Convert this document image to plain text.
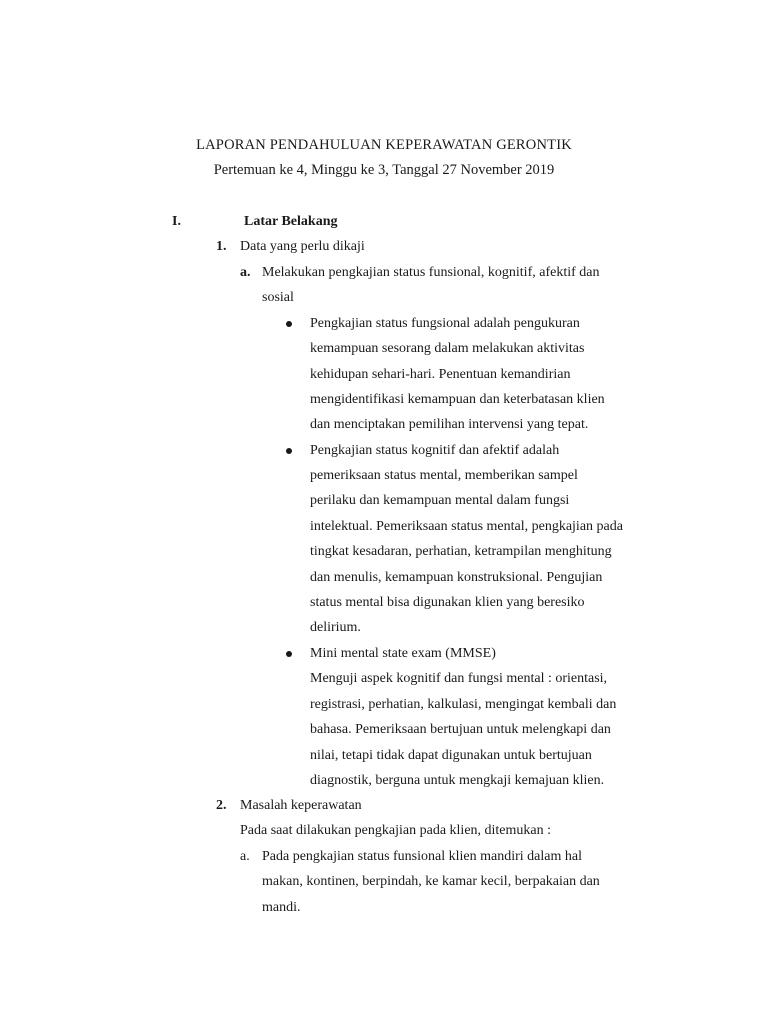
LAPORAN PENDAHULUAN KEPERAWATAN GERONTIK
Pertemuan ke 4, Minggu ke 3, Tanggal 27 November 2019
I.	Latar Belakang
1. Data yang perlu dikaji
a. Melakukan pengkajian status funsional, kognitif, afektif dan
sosial
Pengkajian status fungsional adalah pengukuran
kemampuan sesorang dalam melakukan aktivitas
kehidupan sehari-hari. Penentuan kemandirian
mengidentifikasi kemampuan dan keterbatasan klien
dan menciptakan pemilihan intervensi yang tepat.
Pengkajian status kognitif dan afektif adalah
pemeriksaan status mental, memberikan sampel
perilaku dan kemampuan mental dalam fungsi
intelektual. Pemeriksaan status mental, pengkajian pada
tingkat kesadaran, perhatian, ketrampilan menghitung
dan menulis, kemampuan konstruksional. Pengujian
status mental bisa digunakan klien yang beresiko
delirium.
Mini mental state exam (MMSE)
Menguji aspek kognitif dan fungsi mental : orientasi,
registrasi, perhatian, kalkulasi, mengingat kembali dan
bahasa. Pemeriksaan bertujuan untuk melengkapi dan
nilai, tetapi tidak dapat digunakan untuk bertujuan
diagnostik, berguna untuk mengkaji kemajuan klien.
2. Masalah keperawatan
Pada saat dilakukan pengkajian pada klien, ditemukan :
a. Pada pengkajian status funsional klien mandiri dalam hal
makan, kontinen, berpindah, ke kamar kecil, berpakaian dan
mandi.
